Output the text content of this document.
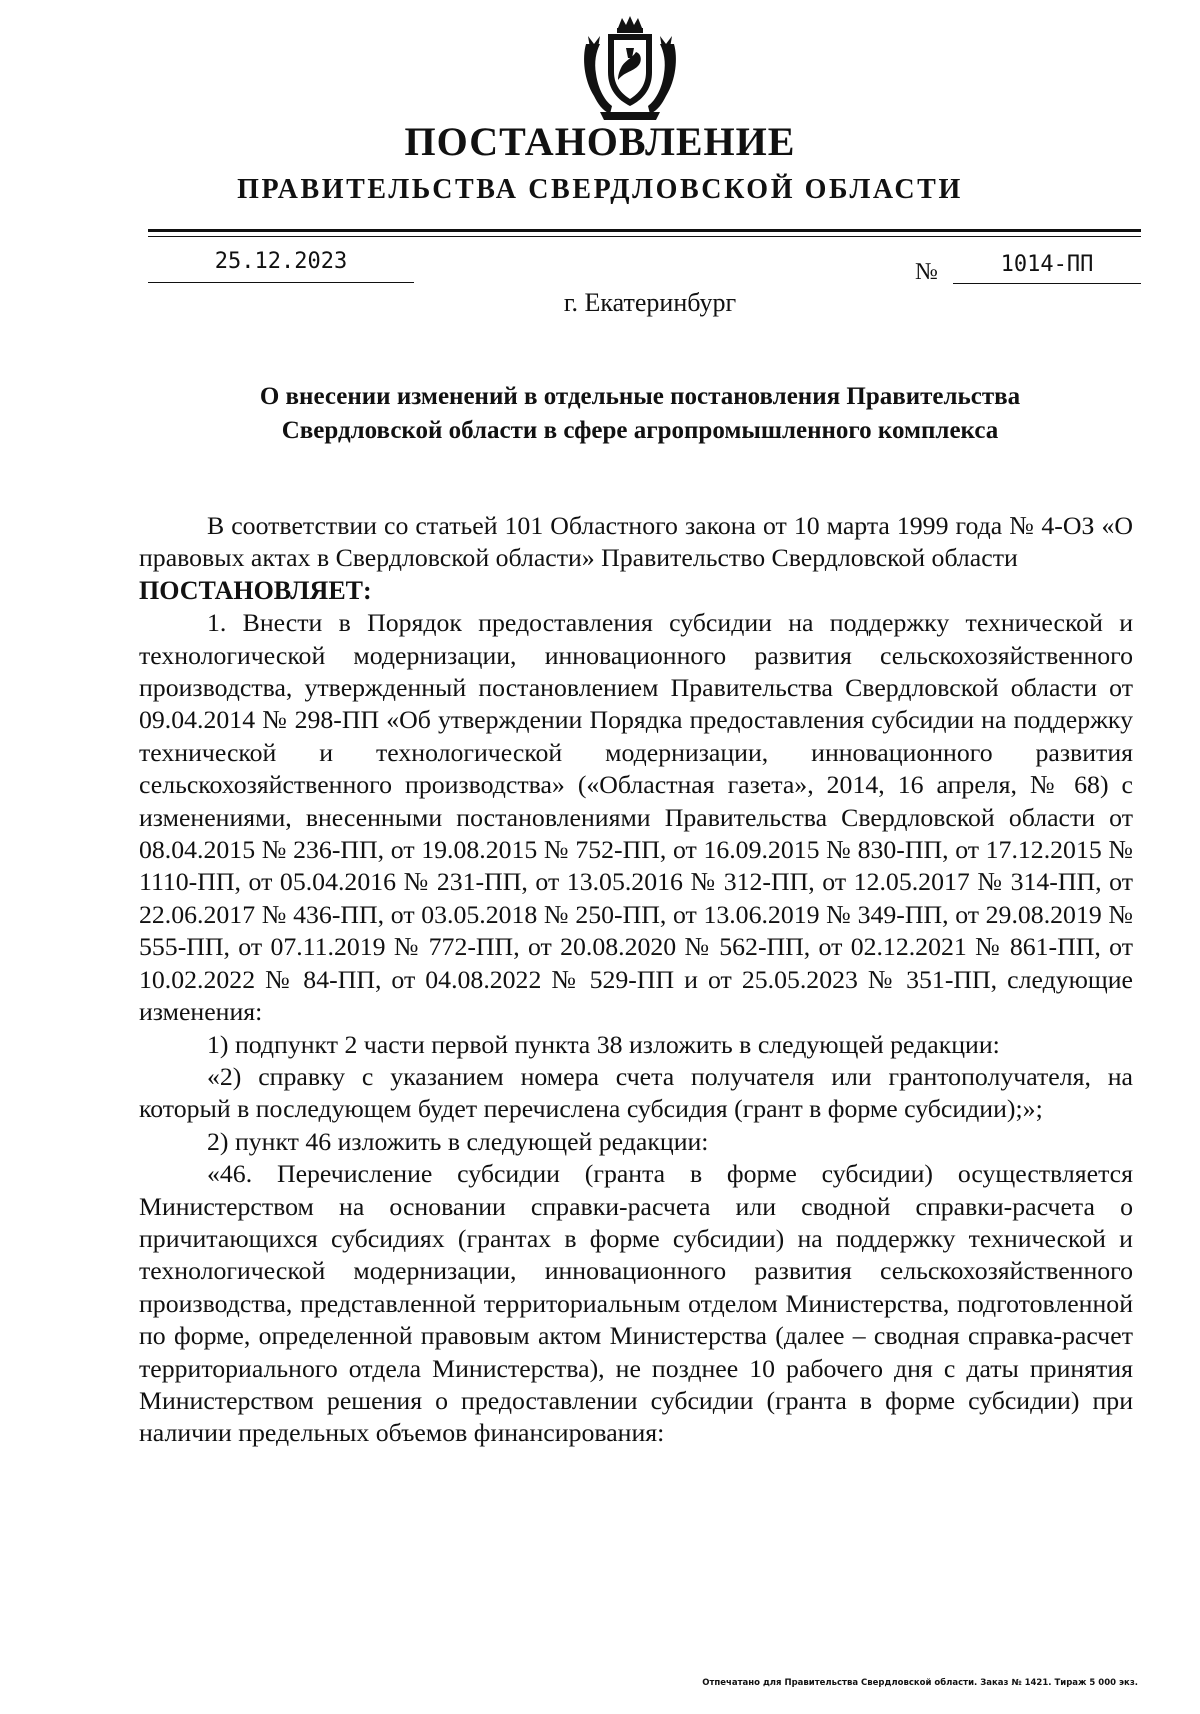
ПОСТАНОВЛЕНИЕ
ПРАВИТЕЛЬСТВА СВЕРДЛОВСКОЙ ОБЛАСТИ
25.12.2023	№	1014-ПП
г. Екатеринбург
О внесении изменений в отдельные постановления Правительства
Свердловской области в сфере агропромышленного комплекса

В соответствии со статьей 101 Областного закона от 10 марта 1999 года № 4-ОЗ «О правовых актах в Свердловской области» Правительство Свердловской области

ПОСТАНОВЛЯЕТ:

1. Внести в Порядок предоставления субсидии на поддержку технической и технологической модернизации, инновационного развития сельскохозяйственного производства, утвержденный постановлением Правительства Свердловской области от 09.04.2014 № 298-ПП «Об утверждении Порядка предоставления субсидии на поддержку технической и технологической модернизации, инновационного развития сельскохозяйственного производства» («Областная газета», 2014, 16 апреля, № 68) с изменениями, внесенными постановлениями Правительства Свердловской области от 08.04.2015 № 236-ПП, от 19.08.2015 № 752-ПП, от 16.09.2015 № 830-ПП, от 17.12.2015 № 1110-ПП, от 05.04.2016 № 231-ПП, от 13.05.2016 № 312-ПП, от 12.05.2017 № 314-ПП, от 22.06.2017 № 436-ПП, от 03.05.2018 № 250-ПП, от 13.06.2019 № 349-ПП, от 29.08.2019 № 555-ПП, от 07.11.2019 № 772-ПП, от 20.08.2020 № 562-ПП, от 02.12.2021 № 861-ПП, от 10.02.2022 № 84-ПП, от 04.08.2022 № 529-ПП и от 25.05.2023 № 351-ПП, следующие изменения:

1) подпункт 2 части первой пункта 38 изложить в следующей редакции:

«2) справку с указанием номера счета получателя или грантополучателя, на который в последующем будет перечислена субсидия (грант в форме субсидии);»;

2) пункт 46 изложить в следующей редакции:

«46. Перечисление субсидии (гранта в форме субсидии) осуществляется Министерством на основании справки-расчета или сводной справки-расчета о причитающихся субсидиях (грантах в форме субсидии) на поддержку технической и технологической модернизации, инновационного развития сельскохозяйственного производства, представленной территориальным отделом Министерства, подготовленной по форме, определенной правовым актом Министерства (далее – сводная справка-расчет территориального отдела Министерства), не позднее 10 рабочего дня с даты принятия Министерством решения о предоставлении субсидии (гранта в форме субсидии) при наличии предельных объемов финансирования:

Отпечатано для Правительства Свердловской области. Заказ № 1421. Тираж 5 000 экз.
